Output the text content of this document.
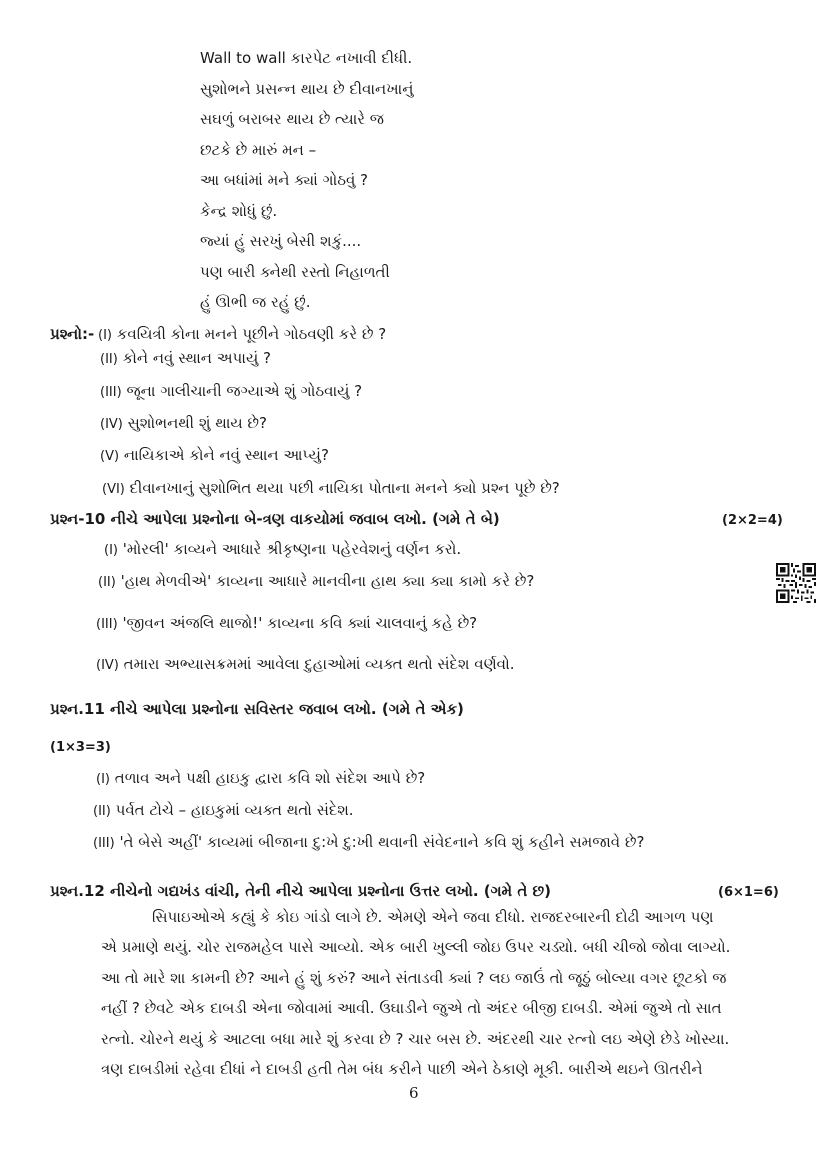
Wall to wall કારપેટ નખાવી દીધી.
સુશોભને પ્રસન્ન થાય છે દીવાનખાનું
સઘળું બરાબર થાય છે ત્યારે જ
છટકે છે મારું મન –
આ બધાંમાં મને ક્યાં ગોઠવું ?
કેન્દ્ર શોધું છું.
જ્યાં હું સરખું બેસી શકું....
પણ બારી ક્નેથી રસ્તો નિહાળતી
હું ઊભી જ રહું છું.
પ્રશ્નો:- (I) કવયિત્રી કોના મનને પૂછીને ગોઠવણી કરે છે ?
(II) કોને નવું સ્થાન અપાયું ?
(III) જૂના ગાલીચાની જગ્યાએ શું ગોઠવાયું ?
(IV) સુશોભનથી શું થાય છે?
(V) નાયિકાએ કોને નવું સ્થાન આપ્યું?
(VI) દીવાનખાનું સુશોભિત થયા પછી નાયિકા પોતાના મનને ક્યો પ્રશ્ન પૂછે છે?
પ્રશ્ન-10 નીચે આપેલા પ્રશ્નોના બે-ત્રણ વાકયોમાં જવાબ લખો. (ગમે તે બે)	(2×2=4)
(I) 'મોરલી' કાવ્યને આધારે શ્રીકૃષ્ણના પહેરવેશનું વર્ણન કરો.
(II) 'હાથ મેળવીએ' કાવ્યના આધારે માનવીના હાથ ક્યા ક્યા કામો કરે છે?
(III) 'જીવન અંજલિ થાજો!' કાવ્યના કવિ ક્યાં ચાલવાનું કહે છે?
(IV) તમારા અભ્યાસક્રમમાં આવેલા દુહાઓમાં વ્યક્ત થતો સંદેશ વર્ણવો.
પ્રશ્ન.11 નીચે આપેલા પ્રશ્નોના સવિસ્તર જવાબ લખો. (ગમે તે એક)
(1×3=3)
(I) તળાવ અને પક્ષી હાઇકુ દ્વારા કવિ શો સંદેશ આપે છે?
(II) પર્વત ટોચે – હાઇકુમાં વ્યક્ત થતો સંદેશ.
(III) 'તે બેસે અહીં' કાવ્યમાં બીજાના દુ:ખે દુ:ખી થવાની સંવેદનાને કવિ શું કહીને સમજાવે છે?
પ્રશ્ન.12 નીચેનો ગદ્યખંડ વાંચી, તેની નીચે આપેલા પ્રશ્નોના ઉત્તર લખો. (ગમે તે છ)	(6×1=6)
સિપાઇઓએ કહ્યું કે કોઇ ગાંડો લાગે છે. એમણે એને જવા દીધો. રાજદરબારની દોઢી આગળ પણ
એ પ્રમાણે થયું. ચોર રાજમહેલ પાસે આવ્યો. એક બારી ખુલ્લી જોઇ ઉપર ચડ્યો. બધી ચીજો જોવા લાગ્યો.
આ તો મારે શા કામની છે? આને હું શું કરું? આને સંતાડવી ક્યાં ? લઇ જાઉં તો જૂઠું બોલ્યા વગર છૂટકો જ
નહીં ? છેવટે એક દાબડી એના જોવામાં આવી. ઉઘાડીને જુએ તો અંદર બીજી દાબડી. એમાં જુએ તો સાત
રત્નો. ચોરને થયું કે આટલા બધા મારે શું કરવા છે ? ચાર બસ છે. અંદરથી ચાર રત્નો લઇ એણે છેડે ખોસ્યા.
ત્રણ દાબડીમાં રહેવા દીધાં ને દાબડી હતી તેમ બંધ કરીને પાછી એને ઠેકાણે મૂકી. બારીએ થઇને ઊતરીને
6
